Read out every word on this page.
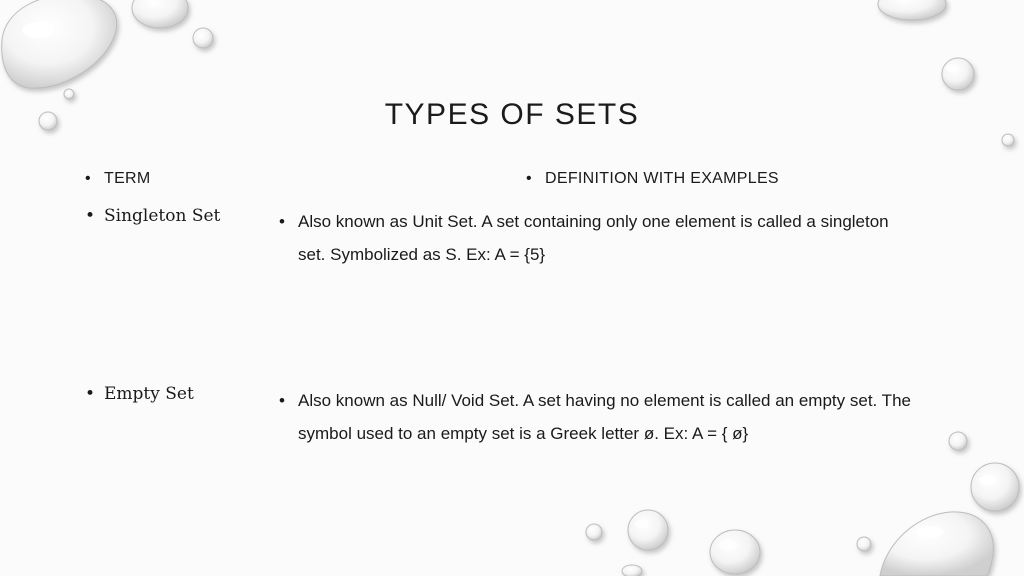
TYPES OF SETS
• TERM	• DEFINITION WITH EXAMPLES
• Singleton Set	• Also known as Unit Set. A set containing only one element is called a singleton set. Symbolized as S. Ex: A = {5}
• Empty Set	• Also known as Null/ Void Set. A set having no element is called an empty set. The symbol used to an empty set is a Greek letter ø. Ex: A = { ø}
